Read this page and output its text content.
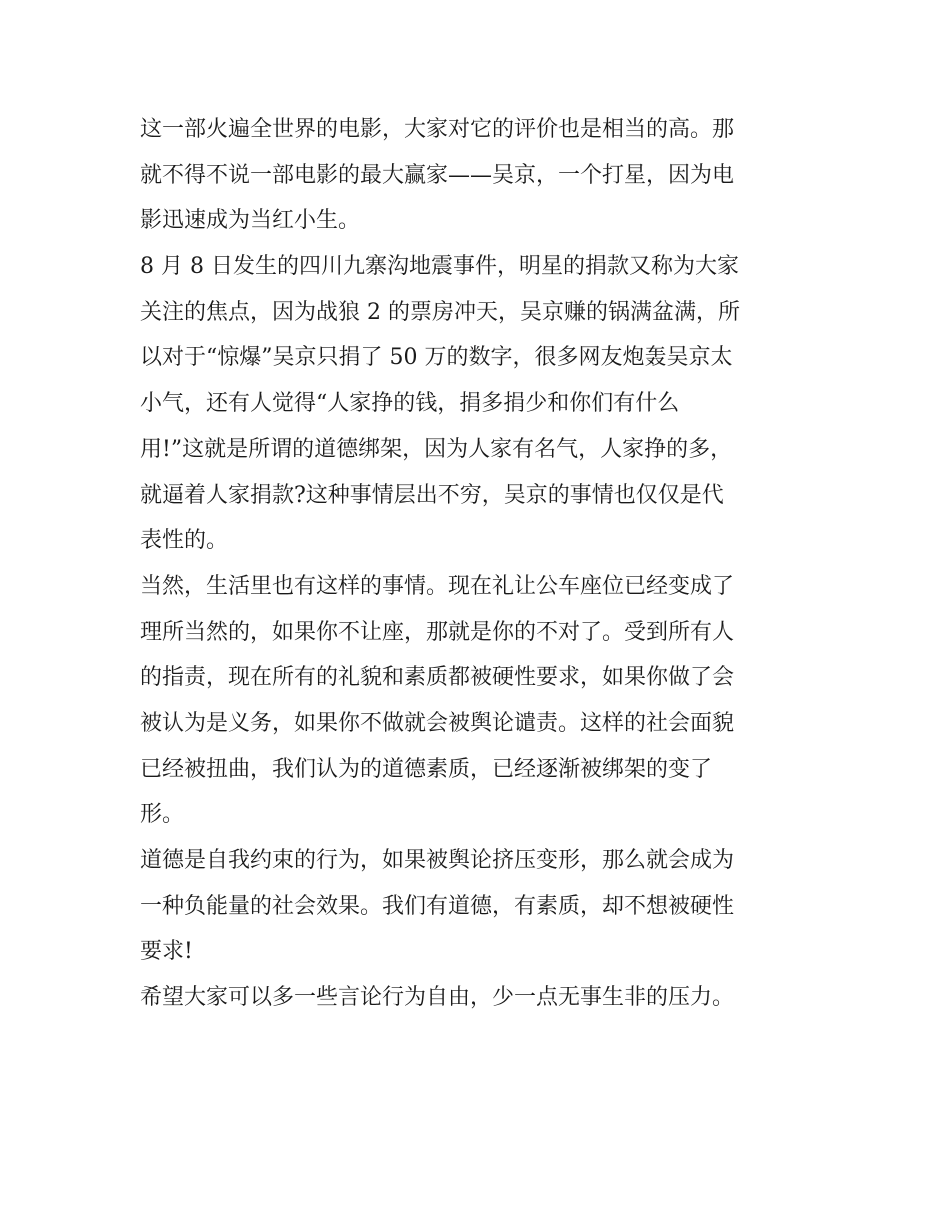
这一部火遍全世界的电影，大家对它的评价也是相当的高。那
就不得不说一部电影的最大赢家——吴京，一个打星，因为电
影迅速成为当红小生。
8 月 8 日发生的四川九寨沟地震事件，明星的捐款又称为大家
关注的焦点，因为战狼 2 的票房冲天，吴京赚的锅满盆满，所
以对于“惊爆”吴京只捐了 50 万的数字，很多网友炮轰吴京太
小气，还有人觉得“人家挣的钱，捐多捐少和你们有什么
用!”这就是所谓的道德绑架，因为人家有名气，人家挣的多，
就逼着人家捐款?这种事情层出不穷，吴京的事情也仅仅是代
表性的。
当然，生活里也有这样的事情。现在礼让公车座位已经变成了
理所当然的，如果你不让座，那就是你的不对了。受到所有人
的指责，现在所有的礼貌和素质都被硬性要求，如果你做了会
被认为是义务，如果你不做就会被舆论谴责。这样的社会面貌
已经被扭曲，我们认为的道德素质，已经逐渐被绑架的变了
形。
道德是自我约束的行为，如果被舆论挤压变形，那么就会成为
一种负能量的社会效果。我们有道德，有素质，却不想被硬性
要求!
希望大家可以多一些言论行为自由，少一点无事生非的压力。
